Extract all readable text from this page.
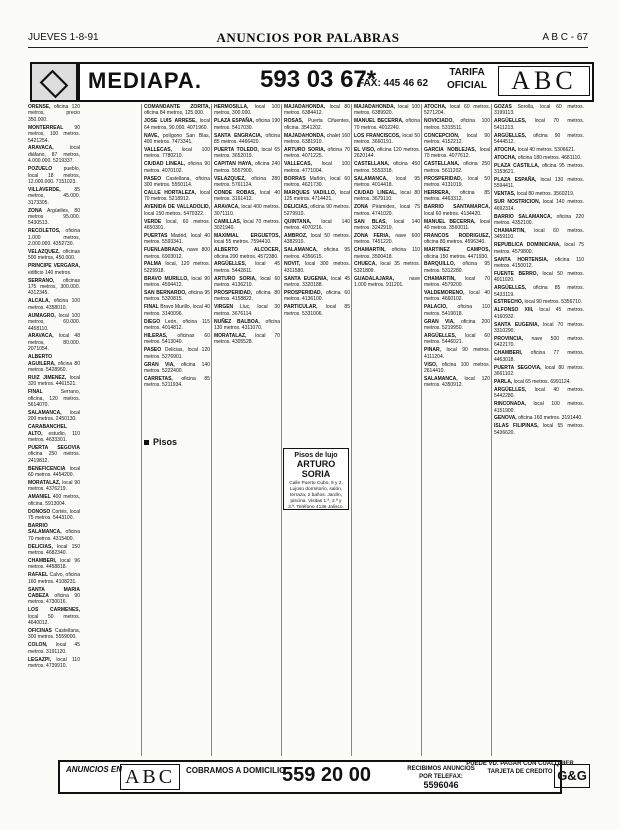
JUEVES 1-8-91	ANUNCIOS POR PALABRAS	A B C - 67
MEDIAPA. 593 03 67*
FAX: 445 46 62
TARIFA OFICIAL ABC
ORENSE, oficina 120 metros, precio 350.000.
MONTERREAL 90 metros, 100 metros. 5421254.
ARAVACA, local diáfano, 87 metros, 4.000.000. 5219337.
POZUELO pueblo, local 18 metros, 12.000.000. 7151023.
VILLAVERDE, 85 metros, 45.000. 3173305.
ZONA Argüelles, 80 metros 95.000. 5430513.
RECOLETOS, oficina 1.000 metros, 2.000.000. 4352730.
VELAZQUEZ, oficinas 500 metros, 450.000.
PRINCIPE VERGARA, edificio 140 metros.
SERRANO, oficinas 175 metros, 300.000. 4312345.
ALCALA, oficina 100 metros. 4358010.
AUMAGRO, local 100 metros, 60.000. 4458110.
ARAVACA, local 48 metros, 80.000. 2071054.
ALBERTO AGUILERA, oficina 80 metros. 5428960.
RUIZ JIMENEZ, local 320 metros. 4461521.
FINAL Serrano, oficina, 120 metros. 5614070.
SALAMANCA, local 200 metros. 2450130.
CARABANCHEL ALTO, estudio, 110 metros. 4633301.
PUERTA SEGOVIA oficina 250 metros. 2419812.
BENEFICENCIA local 60 metros. 4454200.
MORATALAZ, local 90 metros. 4376219.
AMANIEL 400 metros, oficina. 5913004.
DONOSO Cortés, local 75 metros. 5443100.
BARRIO SALAMANCA, oficina 70 metros. 4315400.
DELICIAS, local 150 metros. 4682340.
CHAMBERI, local 96 metros. 4458818.
RAFAEL Calvo, oficina 160 metros. 4108231.
SANTA MARIA CABEZA oficina 90 metros. 4730016.
LOS CARMENES, local 50 metros. 4640012.
OFICINAS Castellana, 300 metros. 5559000.
COLON, local 45 metros. 3191120.
LEGAZPI, local 110 metros. 4739910.
COMANDANTE ZORITA, oficina 84 metros, 125.000.
JOSE LUIS ARRESE, local 64 metros, 90.000. 4071960.
NAVE, polígono San Blas, 400 metros. 7473341.
VALLECAS, local 100 metros. 7780210.
CIUDAD LINEAL, oficina 90 metros. 4070102.
PASEO Castellana, oficina 300 metros. 5550114.
CALLE HORTALEZA, local 70 metros. 5218912.
AVENIDA DE VALLADOLID, local 150 metros. 5470322.
VERDE local, 60 metros. 4650301.
PUERTAS Madrid, local 40 metros. 5593341.
FUENLABRADA, nave 800 metros. 6903012.
PALMA local, 120 metros. 5229918.
BRAVO MURILLO, local 90 metros. 4594412.
SAN BERNARDO, oficina 95 metros. 5320815.
FINAL Bravo Murillo, local 40 metros. 3140096.
DIEGO León, oficina 115 metros. 4014812.
HILERAS, oficinas 60 metros. 5413040.
PASEO Delicias, local 120 metros. 5276901.
GRAN VIA, oficina 140 metros. 5222400.
CARRETAS, oficina 85 metros. 5211934.
HERMOSILLA, local 100 metros, 300.000.
PLAZA ESPAÑA, oficina 190 metros. 5417030.
SANTA ENGRACIA, oficina 85 metros. 4466420.
PUERTA TOLEDO, local 65 metros. 3652019.
CAPITAN HAYA, oficina 240 metros. 5557900.
VELAZQUEZ, oficina 280 metros. 5761124.
CONDE ROBAS, local 40 metros. 3161412.
ARAVACA, local 400 metros. 3071110.
CAMILLAS, local 70 metros. 3021940.
MAXIMIAL ERGUETOS, local 55 metros. 7594410.
ALBERTO ALCOCER, oficina 200 metros. 4572380.
ARGÜELLES, local 45 metros. 5442811.
ARTURO SORIA, local 60 metros. 4136210.
PROSPERIDAD, oficina 80 metros. 4158822.
VIRGEN Lluc, local 30 metros. 3676114.
NUÑEZ BALBOA, oficina 130 metros. 4311070.
MORATALAZ, local 70 metros. 4305528.
MAJADAHONDA, local 80 metros. 6384412.
ROSAS, Puerta Cifuentes, oficina. 3541202.
MAJADAHONDA, chalet 160 metros. 6381910.
ARTURO SORIA, oficina 70 metros. 4071225.
VALLECAS, local 100 metros. 4771004.
BORRAS Mañón, local 60 metros. 4621730.
MARQUES VADILLO, local 125 metros. 4714421.
DELICIAS, oficina 90 metros. 5279910.
QUINTANA, local 140 metros. 4070216.
AMBROZ, local 50 metros. 4382910.
SALAMANCA, oficina 95 metros. 4356615.
NOVIT, local 300 metros. 4311580.
SANTA EUGENIA, local 45 metros. 3320188.
PROSPERIDAD, oficina 60 metros. 4136100.
PARTICULAR, local 85 metros. 5331006.
MAJADAHONDA, local 100 metros. 6389920.
MANUEL BECERRA, oficina 70 metros. 4012240.
LOS FRANCISCOS, local 50 metros. 3660191.
EL VISO, oficina 120 metros. 2620144.
CASTELLANA, oficina 450 metros. 5553318.
SALAMANCA, local 95 metros. 4014418.
CIUDAD LINEAL, local 80 metros. 3679110.
ZONA Pirámides, local 75 metros. 4741020.
SAN BLAS, local 140 metros. 3242910.
ZONA FERIA, nave 600 metros. 7451220.
CHAMARTIN, oficina 110 metros. 3500418.
CHUECA, local 35 metros. 5321809.
GUADALAJARA, nave 1.000 metros. 911201.
ATOCHA, local 60 metros. 5271204.
NOVICIADO, oficina 100 metros. 5315511.
CONCEPCION, local 90 metros. 4152212.
GARCIA NOBLEJAS, local 70 metros. 4077612.
CASTELLANA, oficina 250 metros. 5611202.
PROSPERIDAD, local 50 metros. 4131019.
HERRERA, oficina 85 metros. 4463312.
BARRIO SANTAMARCA, local 60 metros. 4134420.
MANUEL BECERRA, local 40 metros. 3560011.
FRANCOS RODRIGUEZ, oficina 80 metros. 4596340.
MARTINEZ CAMPOS, oficina 150 metros. 4471930.
BARQUILLO, oficina 95 metros. 5312280.
CHAMARTIN, local 70 metros. 4579200.
VALDEMORENO, local 40 metros. 4660102.
PALACIO, oficina 110 metros. 5419018.
GRAN VIA, oficina 200 metros. 5219950.
ARGÜELLES, local 60 metros. 5446021.
PINAR, local 90 metros. 4111204.
VISO, oficina 100 metros. 2614410.
SALAMANCA, local 120 metros. 4350912.
GOZAS Sorolla, local 60 metros. 3199113.
ARGÜELLES, local 70 metros. 5411213.
ARGÜELLES, oficina 90 metros. 5444512.
ATOCHA, local 40 metros. 5306621.
ATOCHA, oficina 180 metros. 4681110.
PLAZA CASTILLA, oficina 95 metros. 3153621.
PLAZA ESPAÑA, local 130 metros. 5594411.
VENTAS, local 80 metros. 3560219.
SUR NOSTRICION, local 140 metros. 4692314.
BARRIO SALAMANCA, oficina 220 metros. 4352100.
CHAMARTIN, local 60 metros. 3459110.
REPUBLICA DOMINICANA, local 75 metros. 4579800.
SANTA HORTENSIA, oficina 110 metros. 4150012.
FUENTE BERRO, local 50 metros. 4011020.
ARGÜELLES, oficina 85 metros. 5433119.
ESTRECHO, local 90 metros. 5356710.
ALFONSO XIII, local 45 metros. 4160932.
SANTA EUGENIA, local 70 metros. 3310290.
PROVINCIA, nave 500 metros. 6422170.
CHAMBERI, oficina 77 metros. 4463018.
PUERTA SEGOVIA, local 80 metros. 3661102.
PARLA, local 65 metros. 6991124.
ARGÜELLES, local 40 metros. 5442280.
RINCONADA, local 100 metros. 4151900.
GENOVA, oficina 160 metros. 3191440.
ISLAS FILIPINAS, local 55 metros. 5436620.
Pisos
Pisos de lujo
ARTURO SORIA
Calle Puerto Cubo, 9 y 2. Lujoso dormitorio, salón, terraza, 2 baños. Jardín, piscina. Visitas 1.ª, 2.ª y 3.ª. Teléfono 4136 Jalisco.
ANUNCIOS EN ABC	COBRAMOS A DOMICILIO
559 20 00	RECIBIMOS ANUNCIOS POR TELEFAX:
5596046
PUEDE VD. PAGAR CON CUALQUIER TARJETA DE CREDITO G&G
